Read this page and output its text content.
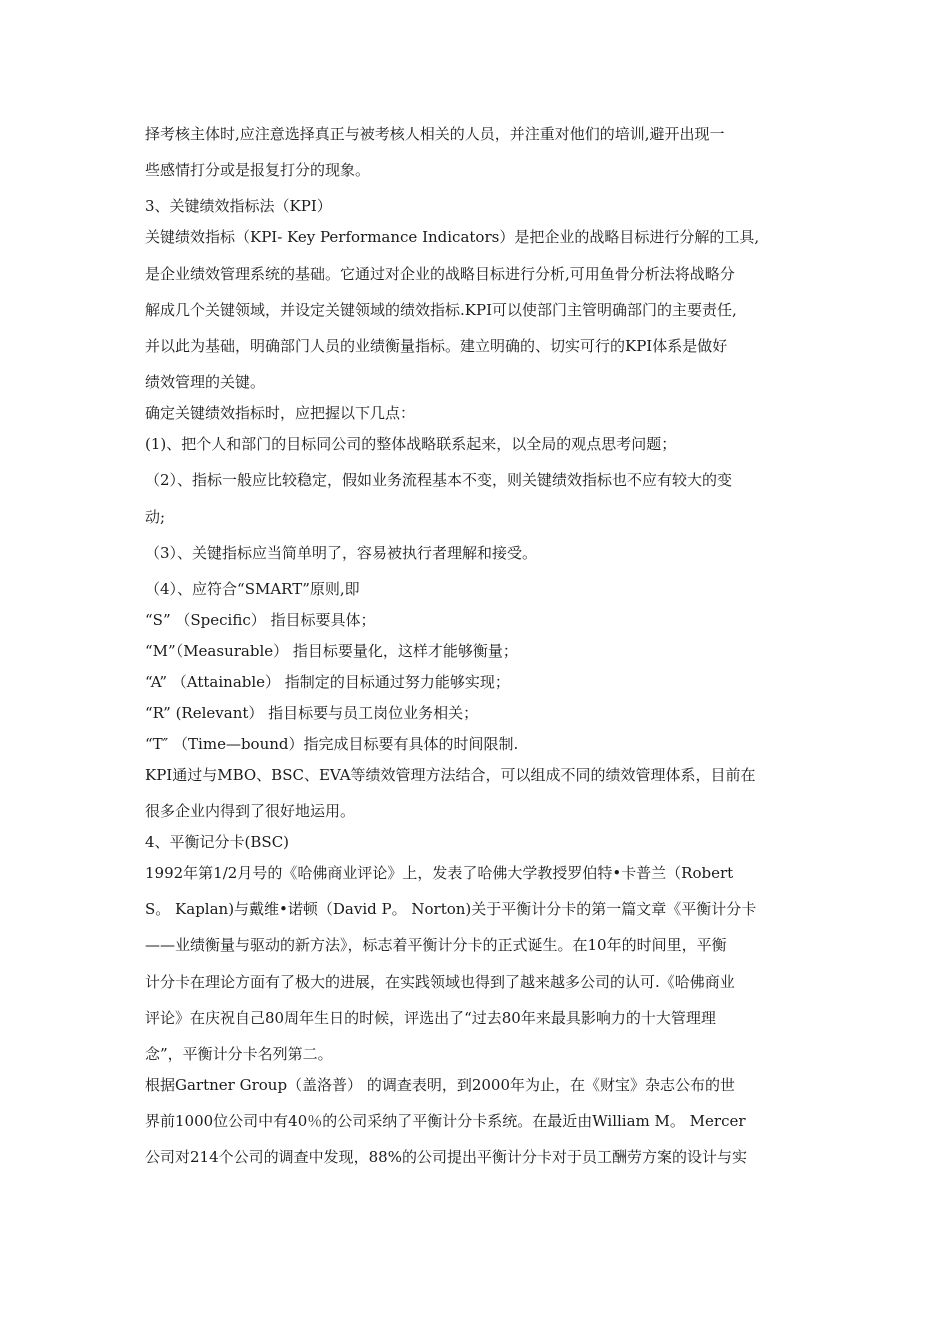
择考核主体时,应注意选择真正与被考核人相关的人员，并注重对他们的培训,避开出现一
些感情打分或是报复打分的现象。
3、关键绩效指标法（KPI）
关键绩效指标（KPI- Key Performance Indicators）是把企业的战略目标进行分解的工具,
是企业绩效管理系统的基础。它通过对企业的战略目标进行分析,可用鱼骨分析法将战略分
解成几个关键领域，并设定关键领域的绩效指标.KPI可以使部门主管明确部门的主要责任,
并以此为基础，明确部门人员的业绩衡量指标。建立明确的、切实可行的KPI体系是做好
绩效管理的关键。
确定关键绩效指标时，应把握以下几点：
(1)、把个人和部门的目标同公司的整体战略联系起来，以全局的观点思考问题；
（2）、指标一般应比较稳定，假如业务流程基本不变，则关键绩效指标也不应有较大的变
动;
（3）、关键指标应当简单明了，容易被执行者理解和接受。
（4）、应符合“SMART”原则,即
“S” （Specific） 指目标要具体；
“M”（Measurable） 指目标要量化，这样才能够衡量；
“A” （Attainable） 指制定的目标通过努力能够实现；
“R” (Relevant） 指目标要与员工岗位业务相关；
“T″ （Time—bound）指完成目标要有具体的时间限制.
KPI通过与MBO、BSC、EVA等绩效管理方法结合，可以组成不同的绩效管理体系，目前在
很多企业内得到了很好地运用。
4、平衡记分卡(BSC)
1992年第1/2月号的《哈佛商业评论》上，发表了哈佛大学教授罗伯特•卡普兰（Robert
S。 Kaplan)与戴维•诺顿（David P。 Norton)关于平衡计分卡的第一篇文章《平衡计分卡
——业绩衡量与驱动的新方法》，标志着平衡计分卡的正式诞生。在10年的时间里，平衡
计分卡在理论方面有了极大的进展，在实践领域也得到了越来越多公司的认可.《哈佛商业
评论》在庆祝自己80周年生日的时候，评选出了“过去80年来最具影响力的十大管理理
念”，平衡计分卡名列第二。
根据Gartner Group（盖洛普） 的调查表明，到2000年为止，在《财宝》杂志公布的世
界前1000位公司中有40％的公司采纳了平衡计分卡系统。在最近由William M。 Mercer
公司对214个公司的调查中发现，88%的公司提出平衡计分卡对于员工酬劳方案的设计与实
